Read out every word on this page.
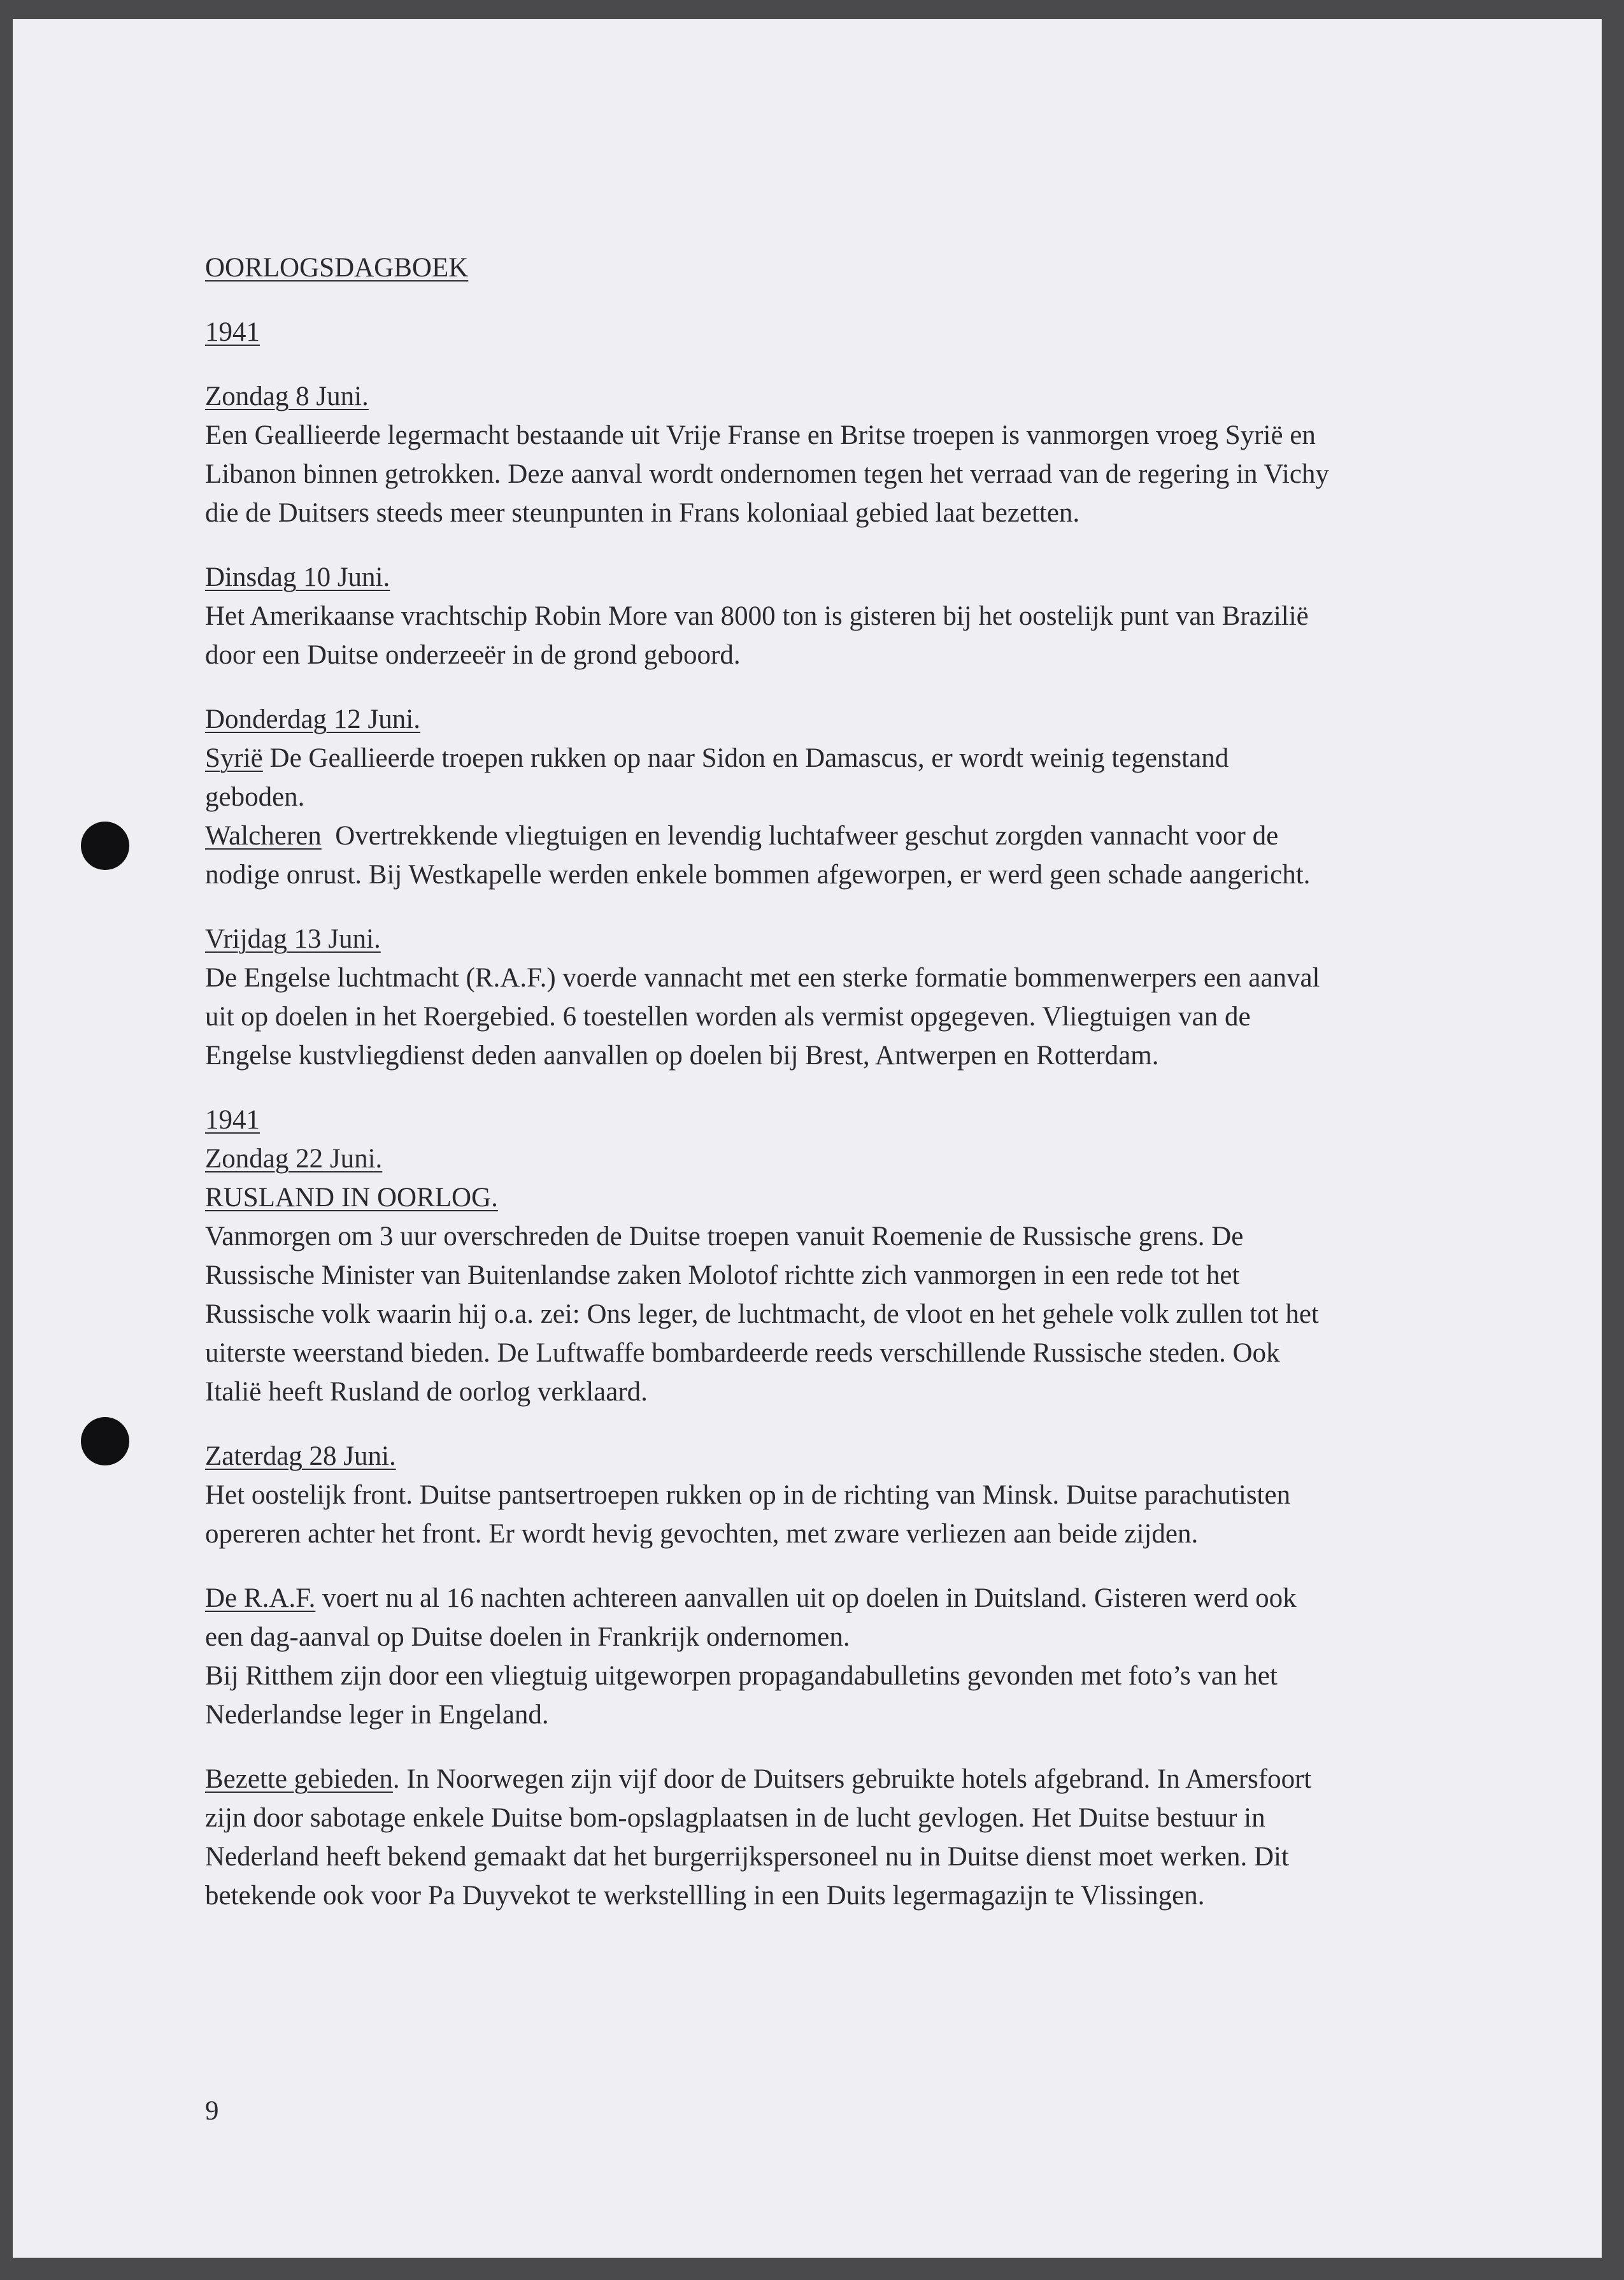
OORLOGSDAGBOEK
1941
Zondag 8 Juni.
Een Geallieerde legermacht bestaande uit Vrije Franse en Britse troepen is vanmorgen vroeg Syrië en
Libanon binnen getrokken. Deze aanval wordt ondernomen tegen het verraad van de regering in Vichy
die de Duitsers steeds meer steunpunten in Frans koloniaal gebied laat bezetten.
Dinsdag 10 Juni.
Het Amerikaanse vrachtschip Robin More van 8000 ton is gisteren bij het oostelijk punt van Brazilië
door een Duitse onderzeeër in de grond geboord.
Donderdag 12 Juni.
Syrië De Geallieerde troepen rukken op naar Sidon en Damascus, er wordt weinig tegenstand
geboden.
Walcheren  Overtrekkende vliegtuigen en levendig luchtafweer geschut zorgden vannacht voor de
nodige onrust. Bij Westkapelle werden enkele bommen afgeworpen, er werd geen schade aangericht.
Vrijdag 13 Juni.
De Engelse luchtmacht (R.A.F.) voerde vannacht met een sterke formatie bommenwerpers een aanval
uit op doelen in het Roergebied. 6 toestellen worden als vermist opgegeven. Vliegtuigen van de
Engelse kustvliegdienst deden aanvallen op doelen bij Brest, Antwerpen en Rotterdam.
1941
Zondag 22 Juni.
RUSLAND IN OORLOG.
Vanmorgen om 3 uur overschreden de Duitse troepen vanuit Roemenie de Russische grens. De
Russische Minister van Buitenlandse zaken Molotof richtte zich vanmorgen in een rede tot het
Russische volk waarin hij o.a. zei: Ons leger, de luchtmacht, de vloot en het gehele volk zullen tot het
uiterste weerstand bieden. De Luftwaffe bombardeerde reeds verschillende Russische steden. Ook
Italië heeft Rusland de oorlog verklaard.
Zaterdag 28 Juni.
Het oostelijk front. Duitse pantsertroepen rukken op in de richting van Minsk. Duitse parachutisten
opereren achter het front. Er wordt hevig gevochten, met zware verliezen aan beide zijden.
De R.A.F. voert nu al 16 nachten achtereen aanvallen uit op doelen in Duitsland. Gisteren werd ook
een dag-aanval op Duitse doelen in Frankrijk ondernomen.
Bij Ritthem zijn door een vliegtuig uitgeworpen propagandabulletins gevonden met foto’s van het
Nederlandse leger in Engeland.
Bezette gebieden. In Noorwegen zijn vijf door de Duitsers gebruikte hotels afgebrand. In Amersfoort
zijn door sabotage enkele Duitse bom-opslagplaatsen in de lucht gevlogen. Het Duitse bestuur in
Nederland heeft bekend gemaakt dat het burgerrijkspersoneel nu in Duitse dienst moet werken. Dit
betekende ook voor Pa Duyvekot te werkstellling in een Duits legermagazijn te Vlissingen.
9
